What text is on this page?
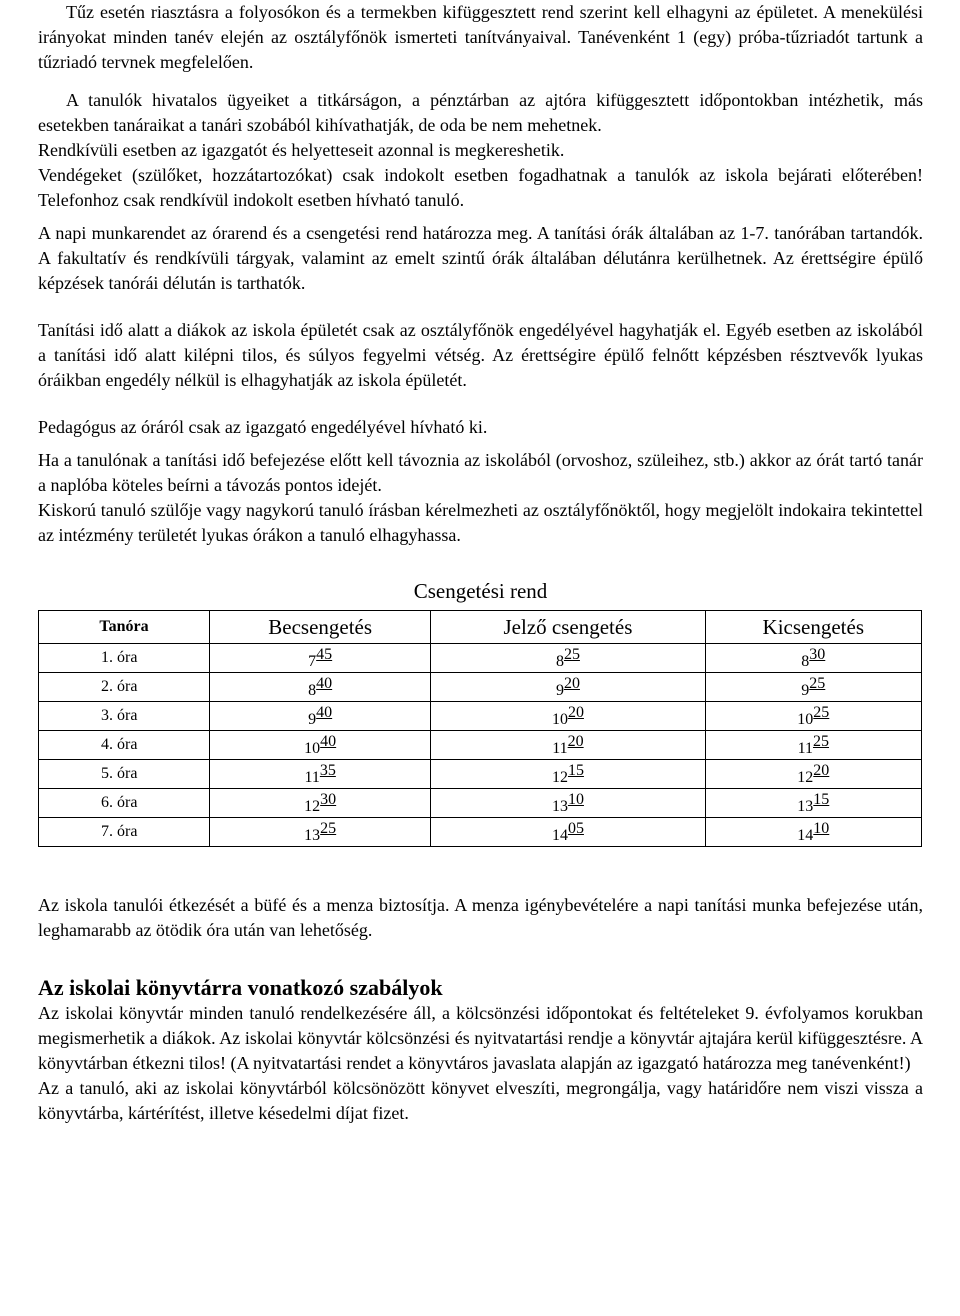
Tűz esetén riasztásra a folyosókon és a termekben kifüggesztett rend szerint kell elhagyni az épületet. A menekülési irányokat minden tanév elején az osztályfőnök ismerteti tanítványaival. Tanévenként 1 (egy) próba-tűzriadót tartunk a tűzriadó tervnek megfelelően.

A tanulók hivatalos ügyeiket a titkárságon, a pénztárban az ajtóra kifüggesztett időpontokban intézhetik, más esetekben tanáraikat a tanári szobából kihívathatják, de oda be nem mehetnek.

Rendkívüli esetben az igazgatót és helyetteseit azonnal is megkereshetik.

Vendégeket (szülőket, hozzátartozókat) csak indokolt esetben fogadhatnak a tanulók az iskola bejárati előterében! Telefonhoz csak rendkívül indokolt esetben hívható tanuló.

A napi munkarendet az órarend és a csengetési rend határozza meg. A tanítási órák általában az 1-7. tanórában tartandók. A fakultatív és rendkívüli tárgyak, valamint az emelt szintű órák általában délutánra kerülhetnek. Az érettségire épülő képzések tanórái délután is tarthatók.

Tanítási idő alatt a diákok az iskola épületét csak az osztályfőnök engedélyével hagyhatják el. Egyéb esetben az iskolából a tanítási idő alatt kilépni tilos, és súlyos fegyelmi vétség. Az érettségire épülő felnőtt képzésben résztvevők lyukas óráikban engedély nélkül is elhagyhatják az iskola épületét.

Pedagógus az óráról csak az igazgató engedélyével hívható ki.

Ha a tanulónak a tanítási idő befejezése előtt kell távoznia az iskolából (orvoshoz, szüleihez, stb.) akkor az órát tartó tanár a naplóba köteles beírni a távozás pontos idejét.

Kiskorú tanuló szülője vagy nagykorú tanuló írásban kérelmezheti az osztályfőnöktől, hogy megjelölt indokaira tekintettel az intézmény területét lyukas órákon a tanuló elhagyhassa.

Csengetési rend
Tanóra	Becsengetés	Jelző csengetés	Kicsengetés
1. óra	745	825	830
2. óra	840	920	925
3. óra	940	1020	1025
4. óra	1040	1120	1125
5. óra	1135	1215	1220
6. óra	1230	1310	1315
7. óra	1325	1405	1410

Az iskola tanulói étkezését a büfé és a menza biztosítja. A menza igénybevételére a napi tanítási munka befejezése után, leghamarabb az ötödik óra után van lehetőség.

Az iskolai könyvtárra vonatkozó szabályok

Az iskolai könyvtár minden tanuló rendelkezésére áll, a kölcsönzési időpontokat és feltételeket 9. évfolyamos korukban megismerhetik a diákok. Az iskolai könyvtár kölcsönzési és nyitvatartási rendje a könyvtár ajtajára kerül kifüggesztésre. A könyvtárban étkezni tilos! (A nyitvatartási rendet a könyvtáros javaslata alapján az igazgató határozza meg tanévenként!)

Az a tanuló, aki az iskolai könyvtárból kölcsönözött könyvet elveszíti, megrongálja, vagy határidőre nem viszi vissza a könyvtárba, kártérítést, illetve késedelmi díjat fizet.
